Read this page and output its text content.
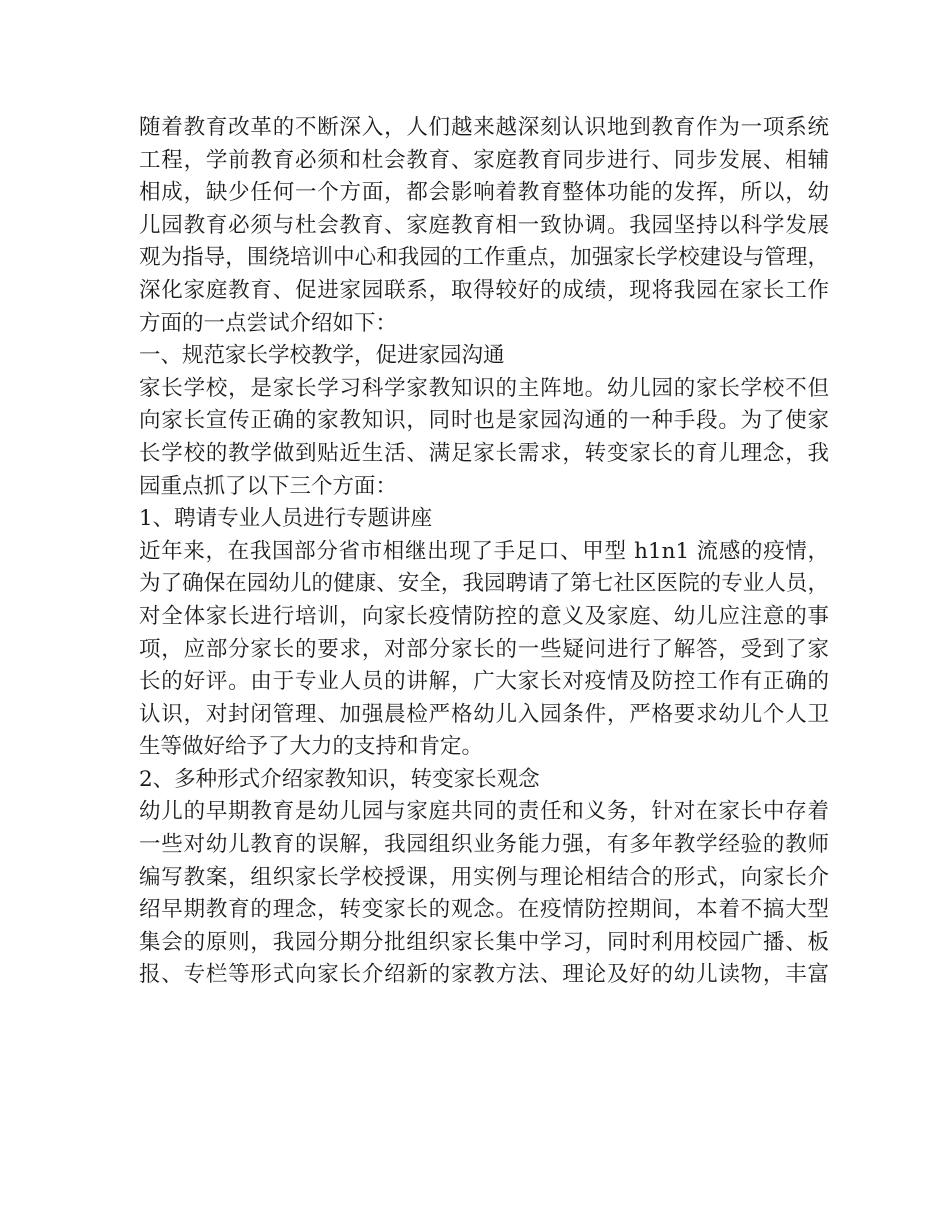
随着教育改革的不断深入，人们越来越深刻认识地到教育作为一项系统
工程，学前教育必须和杜会教育、家庭教育同步进行、同步发展、相辅
相成，缺少任何一个方面，都会影响着教育整体功能的发挥，所以，幼
儿园教育必须与杜会教育、家庭教育相一致协调。我园坚持以科学发展
观为指导，围绕培训中心和我园的工作重点，加强家长学校建设与管理，
深化家庭教育、促进家园联系，取得较好的成绩，现将我园在家长工作
方面的一点尝试介绍如下：
一、规范家长学校教学，促进家园沟通
家长学校，是家长学习科学家教知识的主阵地。幼儿园的家长学校不但
向家长宣传正确的家教知识，同时也是家园沟通的一种手段。为了使家
长学校的教学做到贴近生活、满足家长需求，转变家长的育儿理念，我
园重点抓了以下三个方面：
1、聘请专业人员进行专题讲座
近年来，在我国部分省市相继出现了手足口、甲型 h1n1 流感的疫情，
为了确保在园幼儿的健康、安全，我园聘请了第七社区医院的专业人员，
对全体家长进行培训，向家长疫情防控的意义及家庭、幼儿应注意的事
项，应部分家长的要求，对部分家长的一些疑问进行了解答，受到了家
长的好评。由于专业人员的讲解，广大家长对疫情及防控工作有正确的
认识，对封闭管理、加强晨检严格幼儿入园条件，严格要求幼儿个人卫
生等做好给予了大力的支持和肯定。
2、多种形式介绍家教知识，转变家长观念
幼儿的早期教育是幼儿园与家庭共同的责任和义务，针对在家长中存着
一些对幼儿教育的误解，我园组织业务能力强，有多年教学经验的教师
编写教案，组织家长学校授课，用实例与理论相结合的形式，向家长介
绍早期教育的理念，转变家长的观念。在疫情防控期间，本着不搞大型
集会的原则，我园分期分批组织家长集中学习，同时利用校园广播、板
报、专栏等形式向家长介绍新的家教方法、理论及好的幼儿读物，丰富
